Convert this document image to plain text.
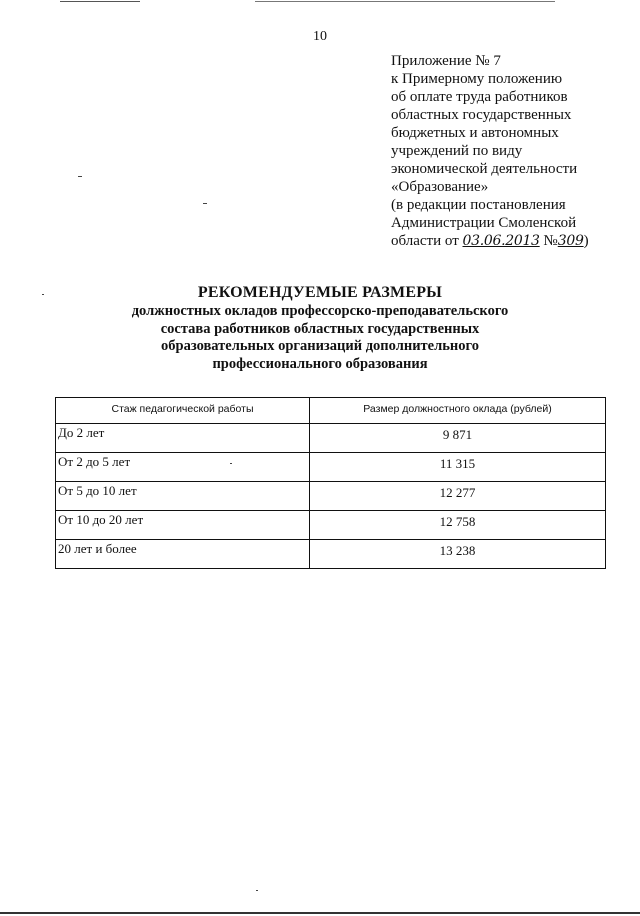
10
Приложение № 7
к Примерному положению
об оплате труда работников
областных государственных
бюджетных и автономных
учреждений по виду
экономической деятельности
«Образование»
(в редакции постановления
Администрации Смоленской
области от 03.06.2013 №309)
РЕКОМЕНДУЕМЫЕ РАЗМЕРЫ
должностных окладов профессорско-преподавательского
состава работников областных государственных
образовательных организаций дополнительного
профессионального образования
Стаж педагогической работы	Размер должностного оклада (рублей)
До 2 лет	9 871
От 2 до 5 лет	11 315
От 5 до 10 лет	12 277
От 10 до 20 лет	12 758
20 лет и более	13 238
